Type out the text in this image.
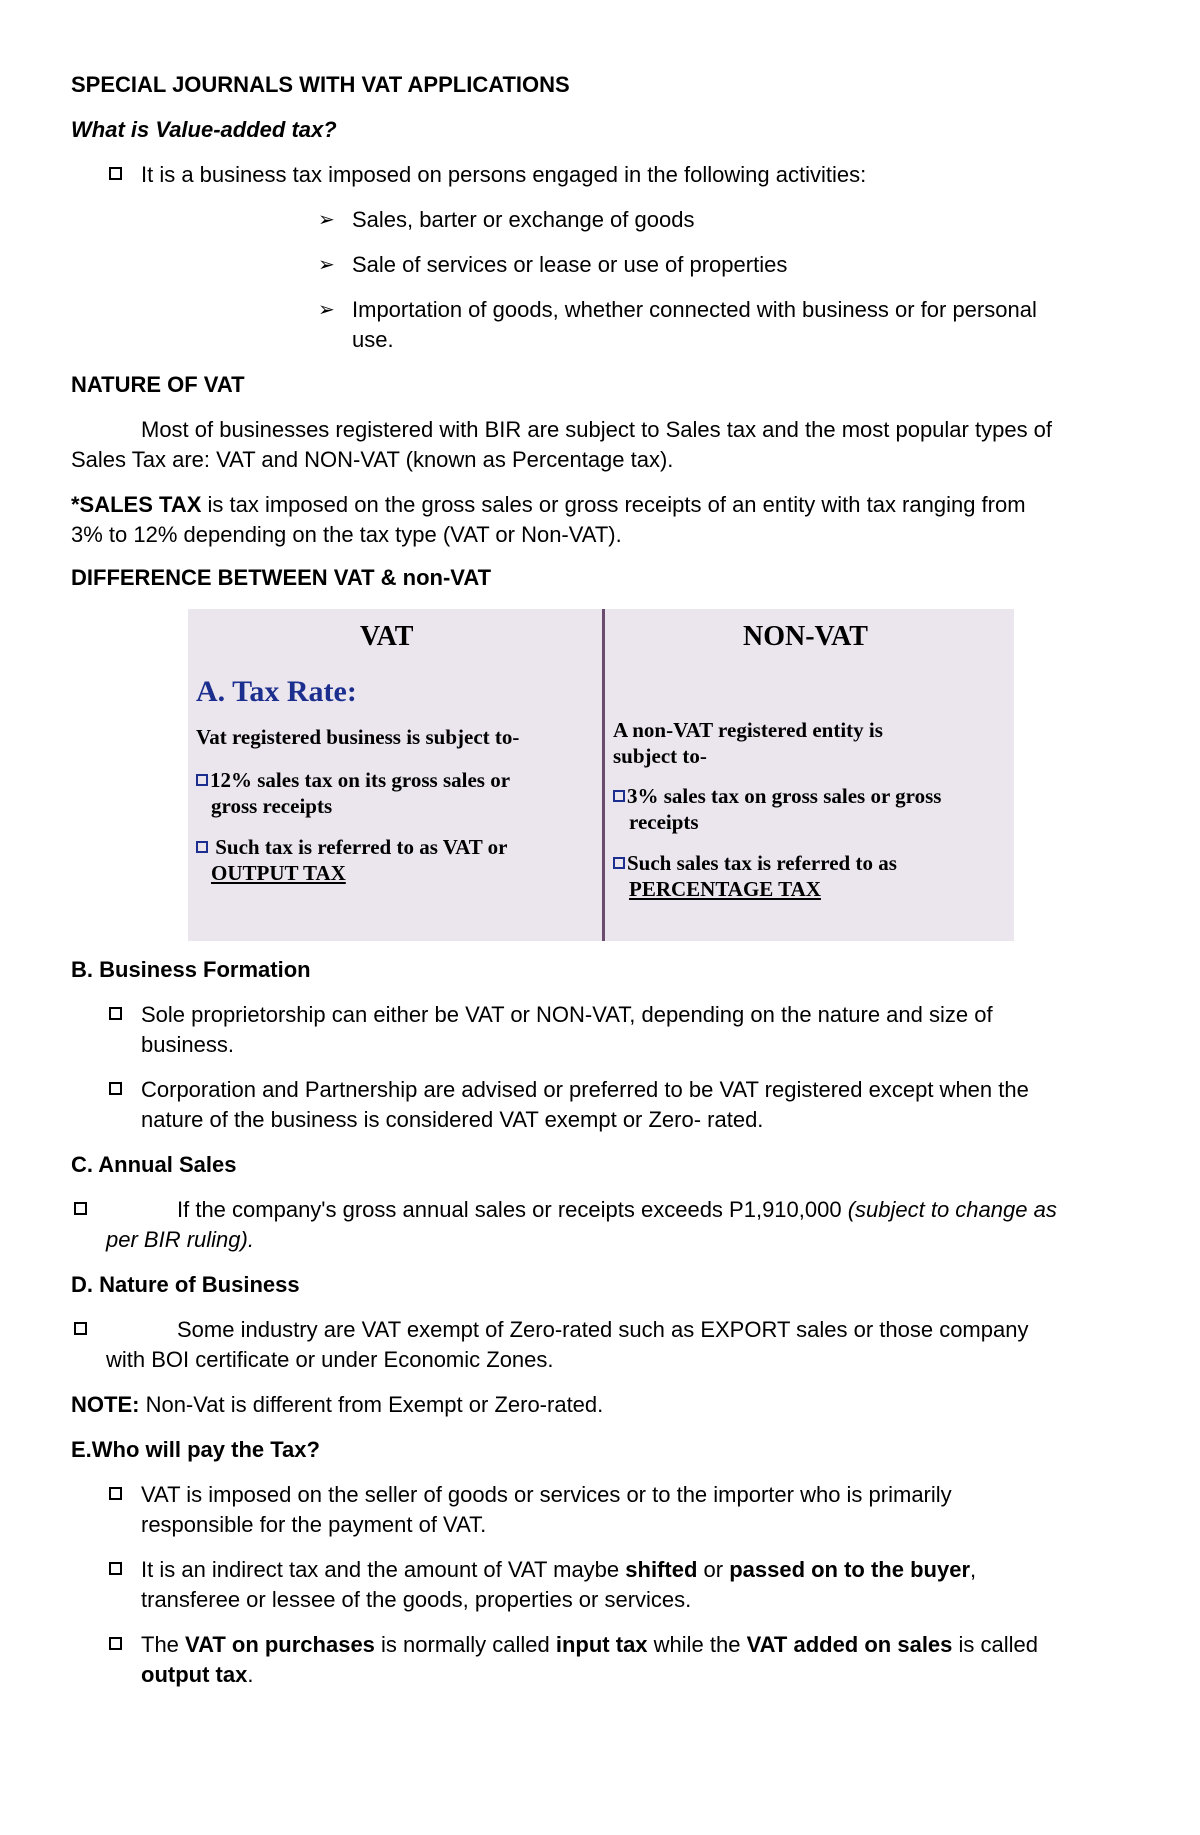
SPECIAL JOURNALS WITH VAT APPLICATIONS

What is Value-added tax?

It is a business tax imposed on persons engaged in the following activities:

➢ Sales, barter or exchange of goods

➢ Sale of services or lease or use of properties

➢ Importation of goods, whether connected with business or for personal

use.

NATURE OF VAT

Most of businesses registered with BIR are subject to Sales tax and the most popular types of

Sales Tax are: VAT and NON-VAT (known as Percentage tax).

*SALES TAX is tax imposed on the gross sales or gross receipts of an entity with tax ranging from

3% to 12% depending on the tax type (VAT or Non-VAT).

DIFFERENCE BETWEEN VAT & non-VAT

VAT	NON-VAT

A. Tax Rate:

Vat registered business is subject to-

12% sales tax on its gross sales or

gross receipts

Such tax is referred to as VAT or

OUTPUT TAX

A non-VAT registered entity is

subject to-

3% sales tax on gross sales or gross

receipts

Such sales tax is referred to as

PERCENTAGE TAX

B. Business Formation

Sole proprietorship can either be VAT or NON-VAT, depending on the nature and size of

business.

Corporation and Partnership are advised or preferred to be VAT registered except when the

nature of the business is considered VAT exempt or Zero- rated.

C. Annual Sales

If the company's gross annual sales or receipts exceeds P1,910,000 (subject to change as

per BIR ruling).

D. Nature of Business

Some industry are VAT exempt of Zero-rated such as EXPORT sales or those company

with BOI certificate or under Economic Zones.

NOTE: Non-Vat is different from Exempt or Zero-rated.

E.Who will pay the Tax?

VAT is imposed on the seller of goods or services or to the importer who is primarily

responsible for the payment of VAT.

It is an indirect tax and the amount of VAT maybe shifted or passed on to the buyer,

transferee or lessee of the goods, properties or services.

The VAT on purchases is normally called input tax while the VAT added on sales is called

output tax.
